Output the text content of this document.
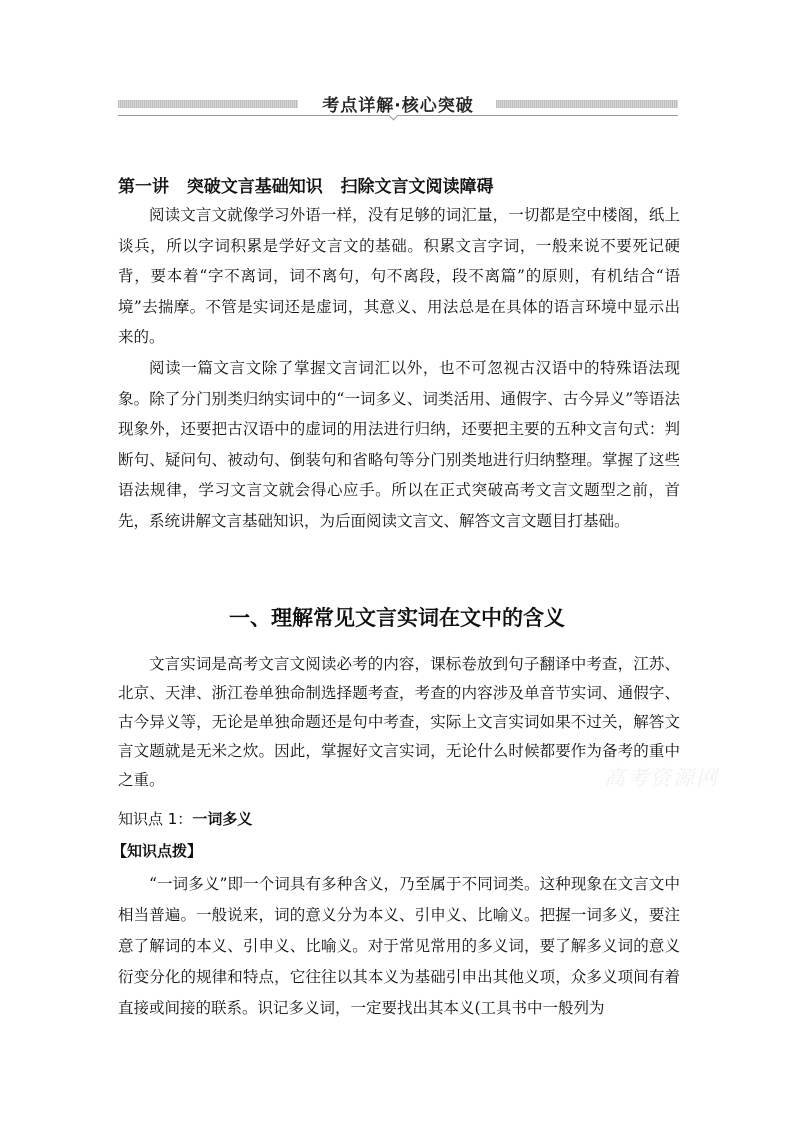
考点详解·核心突破
第一讲   突破文言基础知识   扫除文言文阅读障碍

阅读文言文就像学习外语一样，没有足够的词汇量，一切都是空中楼阁，纸上谈兵，所以字词积累是学好文言文的基础。积累文言字词，一般来说不要死记硬背，要本着“字不离词，词不离句，句不离段，段不离篇”的原则，有机结合“语境”去揣摩。不管是实词还是虚词，其意义、用法总是在具体的语言环境中显示出来的。

阅读一篇文言文除了掌握文言词汇以外，也不可忽视古汉语中的特殊语法现象。除了分门别类归纳实词中的“一词多义、词类活用、通假字、古今异义”等语法现象外，还要把古汉语中的虚词的用法进行归纳，还要把主要的五种文言句式：判断句、疑问句、被动句、倒装句和省略句等分门别类地进行归纳整理。掌握了这些语法规律，学习文言文就会得心应手。所以在正式突破高考文言文题型之前，首先，系统讲解文言基础知识，为后面阅读文言文、解答文言文题目打基础。

一、理解常见文言实词在文中的含义

文言实词是高考文言文阅读必考的内容，课标卷放到句子翻译中考查，江苏、北京、天津、浙江卷单独命制选择题考查，考查的内容涉及单音节实词、通假字、古今异义等，无论是单独命题还是句中考查，实际上文言实词如果不过关，解答文言文题就是无米之炊。因此，掌握好文言实词，无论什么时候都要作为备考的重中之重。	高考资源网
知识点 1：一词多义
【知识点拨】

“一词多义”即一个词具有多种含义，乃至属于不同词类。这种现象在文言文中相当普遍。一般说来，词的意义分为本义、引申义、比喻义。把握一词多义，要注意了解词的本义、引申义、比喻义。对于常见常用的多义词，要了解多义词的意义衍变分化的规律和特点，它往往以其本义为基础引申出其他义项，众多义项间有着直接或间接的联系。识记多义词，一定要找出其本义(工具书中一般列为
